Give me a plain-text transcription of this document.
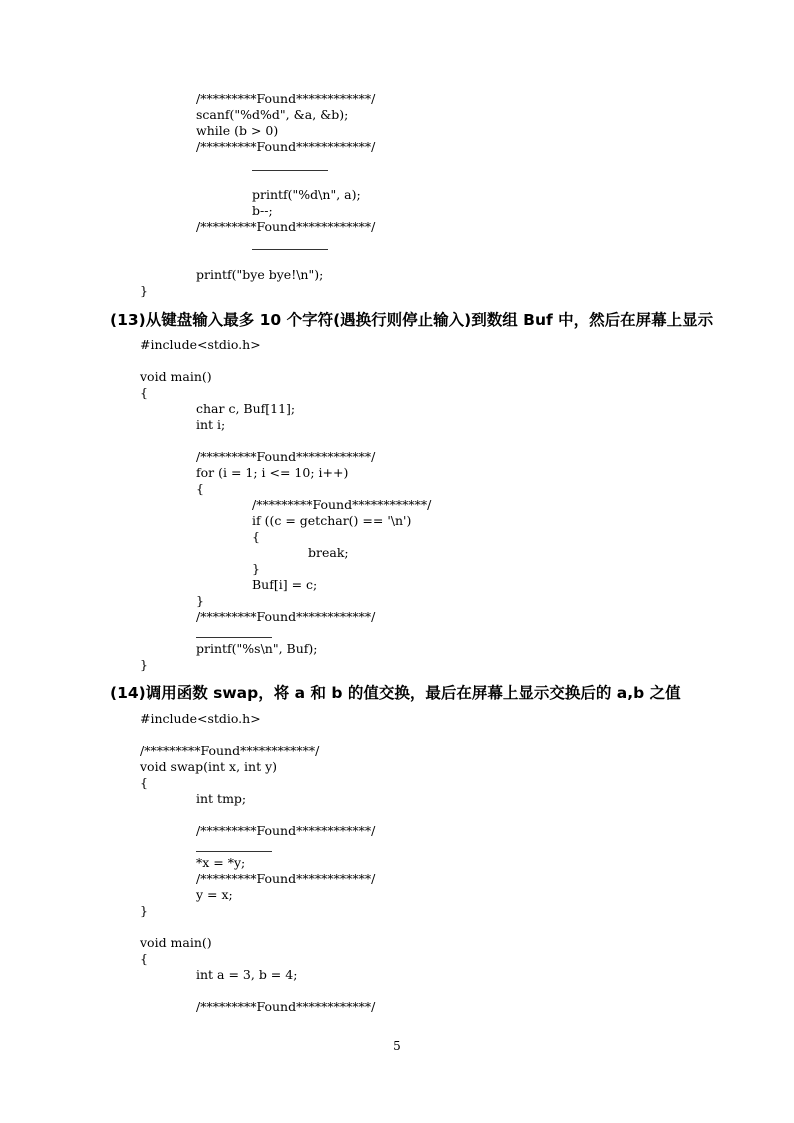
/*********Found************/
scanf("%d%d", &a, &b);
while (b > 0)
/*********Found************/
printf("%d\n", a);
b--;
/*********Found************/
printf("bye bye!\n");
}
(13)从键盘输入最多 10 个字符(遇换行则停止输入)到数组 Buf 中，然后在屏幕上显示
#include<stdio.h>
void main()
{
char c, Buf[11];
int i;
/*********Found************/
for (i = 1; i <= 10; i++)
{
/*********Found************/
if ((c = getchar() == '\n')
{
break;
}
Buf[i] = c;
}
/*********Found************/
printf("%s\n", Buf);
}
(14)调用函数 swap，将 a 和 b 的值交换，最后在屏幕上显示交换后的 a,b 之值
#include<stdio.h>
/*********Found************/
void swap(int x, int y)
{
int tmp;
/*********Found************/
*x = *y;
/*********Found************/
y = x;
}
void main()
{
int a = 3, b = 4;
/*********Found************/
5
